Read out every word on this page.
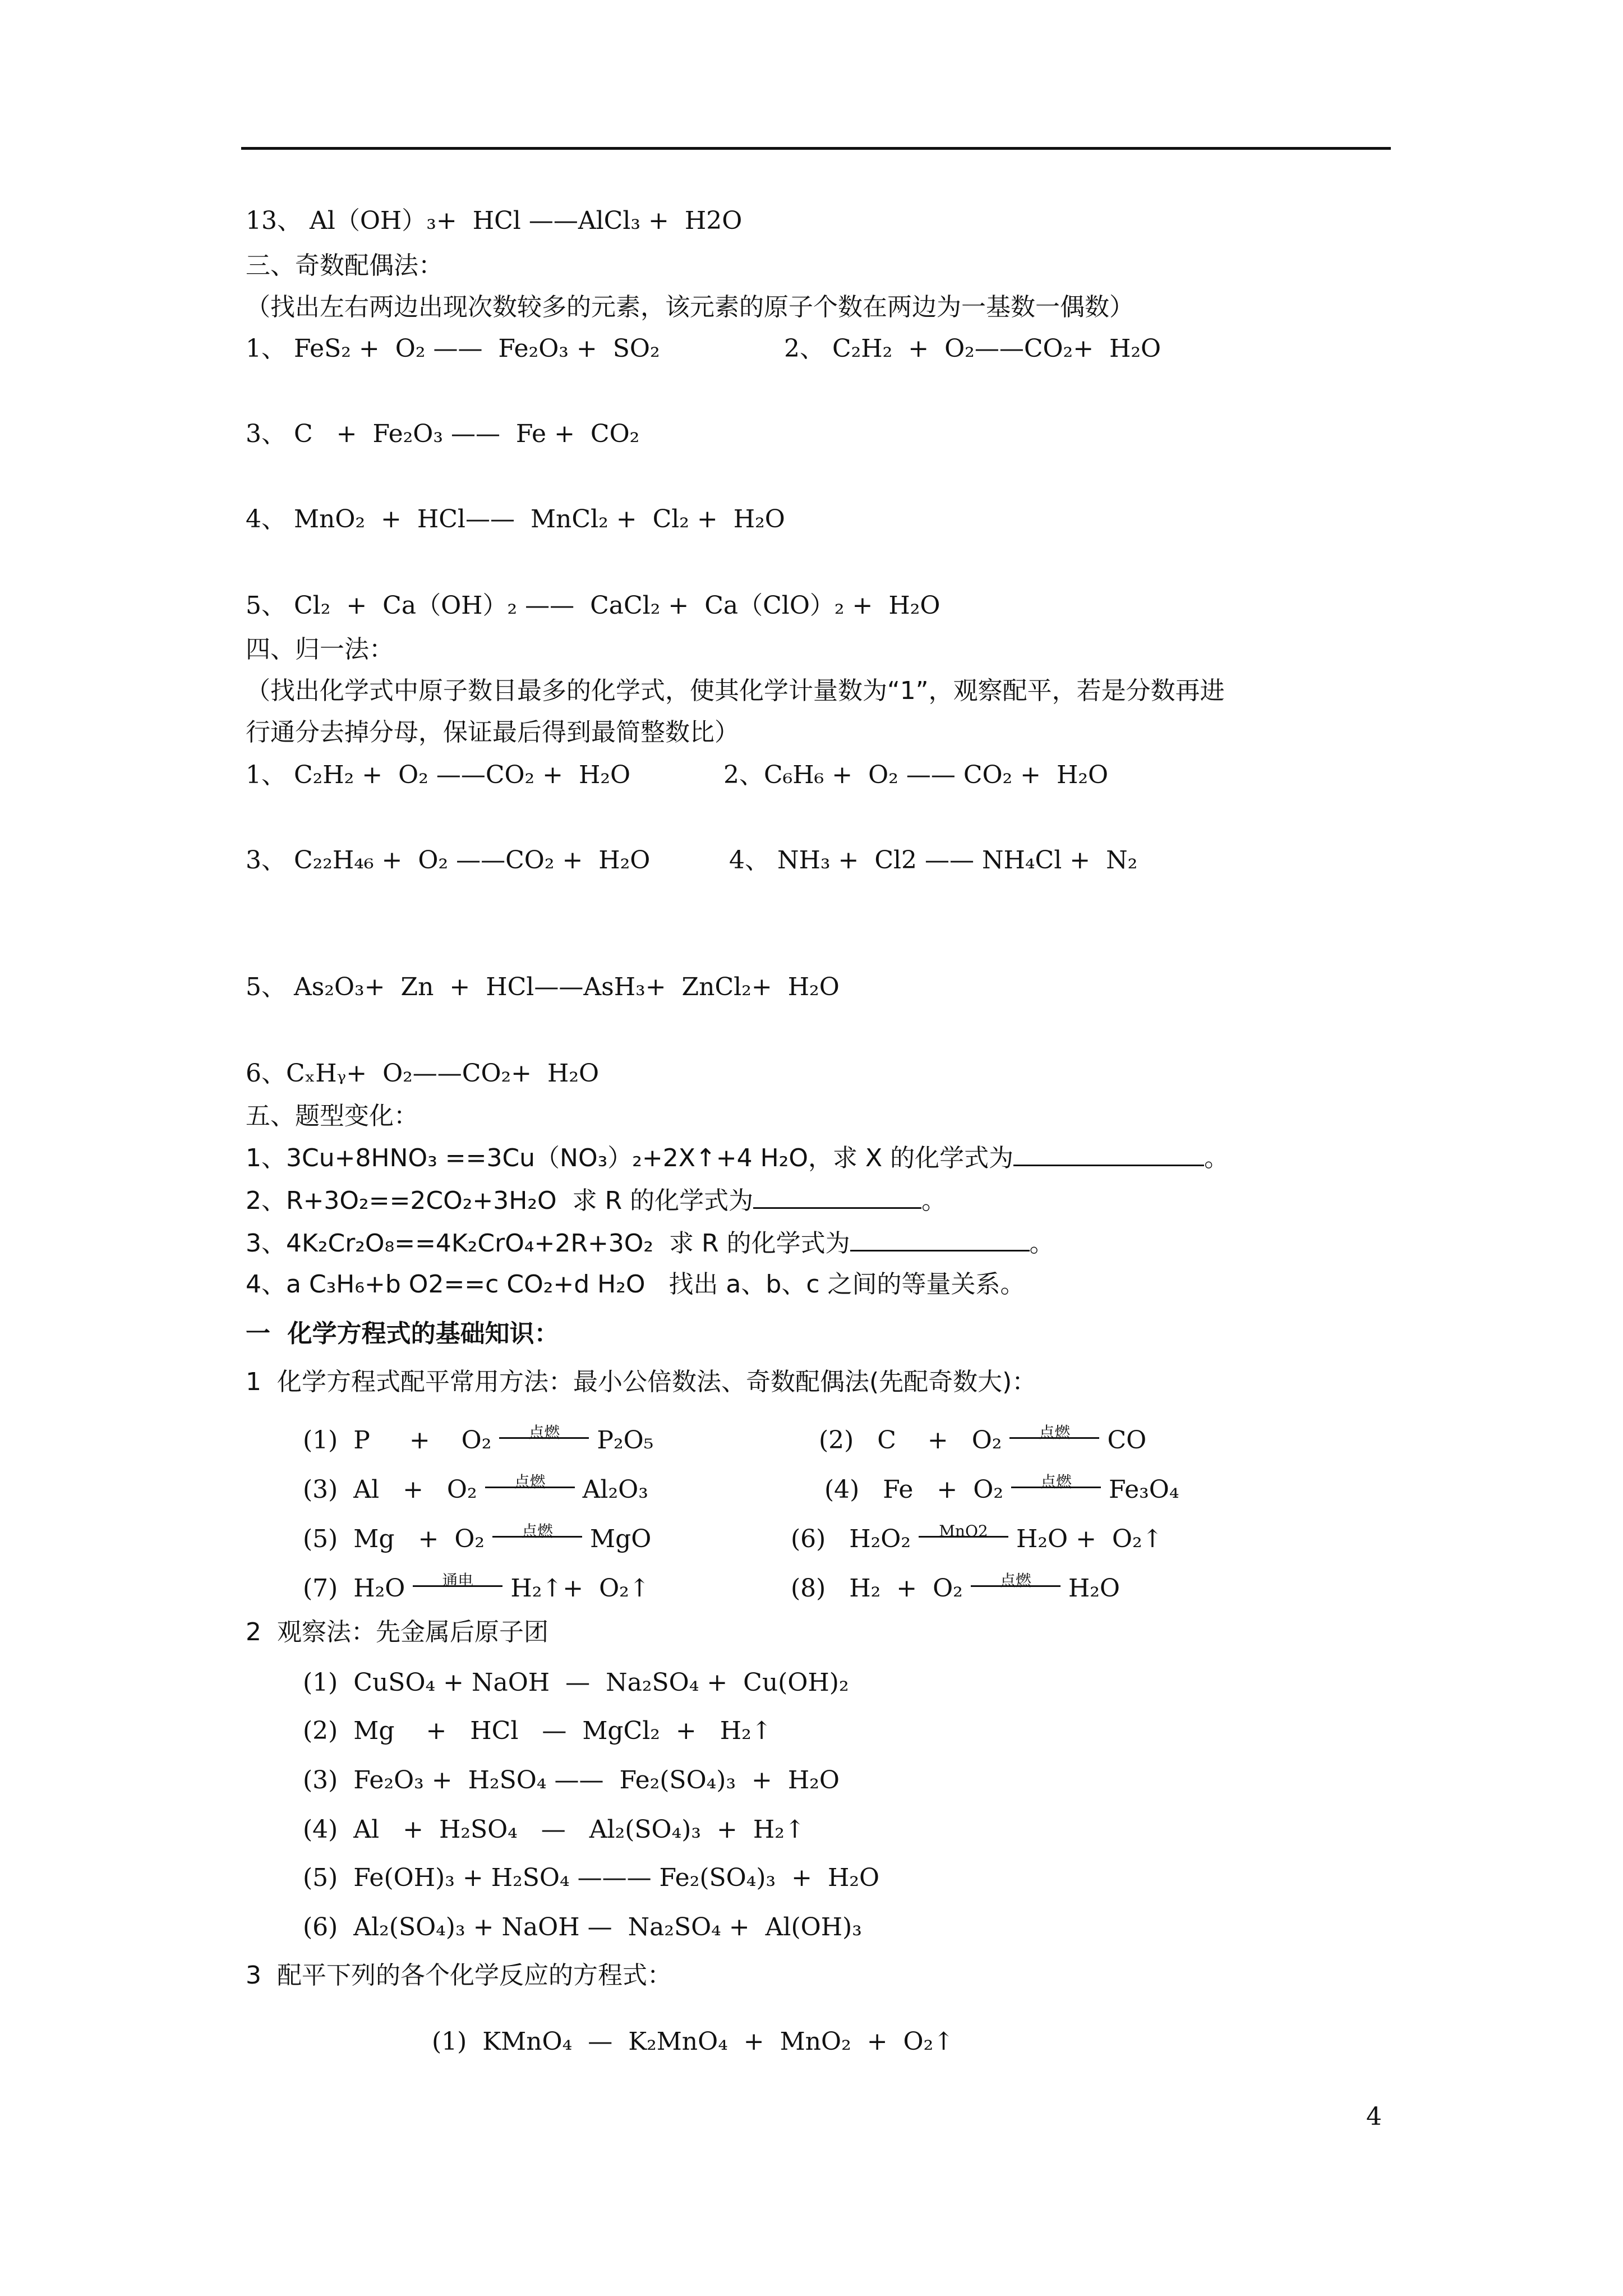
13、 Al（OH）₃+  HCl ——AlCl₃ +  H2O
三、奇数配偶法：
（找出左右两边出现次数较多的元素，该元素的原子个数在两边为一基数一偶数）
1、 FeS₂ +  O₂ ——  Fe₂O₃ +  SO₂	2、 C₂H₂  +  O₂——CO₂+  H₂O
3、 C   +  Fe₂O₃ ——  Fe +  CO₂
4、 MnO₂  +  HCl——  MnCl₂ +  Cl₂ +  H₂O
5、 Cl₂  +  Ca（OH）₂ ——  CaCl₂ +  Ca（ClO）₂ +  H₂O
四、归一法：
（找出化学式中原子数目最多的化学式，使其化学计量数为“1”，观察配平，若是分数再进
行通分去掉分母，保证最后得到最简整数比）
1、 C₂H₂ +  O₂ ——CO₂ +  H₂O	2、C₆H₆ +  O₂ —— CO₂ +  H₂O
3、 C₂₂H₄₆ +  O₂ ——CO₂ +  H₂O	4、 NH₃ +  Cl2 —— NH₄Cl +  N₂
5、 As₂O₃+  Zn  +  HCl——AsH₃+  ZnCl₂+  H₂O
6、CₓHᵧ+  O₂——CO₂+  H₂O
五、题型变化：
1、3Cu+8HNO₃ ==3Cu（NO₃）₂+2X↑+4 H₂O，求 X 的化学式为	。
2、R+3O₂==2CO₂+3H₂O  求 R 的化学式为	。
3、4K₂Cr₂O₈==4K₂CrO₄+2R+3O₂  求 R 的化学式为	。
4、a C₃H₆+b O2==c CO₂+d H₂O   找出 a、b、c 之间的等量关系。
一  化学方程式的基础知识：
1  化学方程式配平常用方法：最小公倍数法、奇数配偶法(先配奇数大)：
(1)  P     +    O₂	点燃	P₂O₅	(2)   C    +   O₂	点燃	CO
(3)  Al   +   O₂	点燃	Al₂O₃	(4)   Fe   +  O₂	点燃	Fe₃O₄
(5)  Mg   +  O₂	点燃	MgO	(6)   H₂O₂	MnO2	H₂O +  O₂↑
(7)  H₂O	通电	H₂↑+  O₂↑	(8)   H₂  +  O₂	点燃	H₂O
2  观察法：先金属后原子团
(1)  CuSO₄ + NaOH  —  Na₂SO₄ +  Cu(OH)₂
(2)  Mg    +   HCl   —  MgCl₂  +   H₂↑
(3)  Fe₂O₃ +  H₂SO₄ ——  Fe₂(SO₄)₃  +  H₂O
(4)  Al   +  H₂SO₄   —   Al₂(SO₄)₃  +  H₂↑
(5)  Fe(OH)₃ + H₂SO₄ ——— Fe₂(SO₄)₃  +  H₂O
(6)  Al₂(SO₄)₃ + NaOH —  Na₂SO₄ +  Al(OH)₃
3  配平下列的各个化学反应的方程式：
(1)  KMnO₄  —  K₂MnO₄  +  MnO₂  +  O₂↑
4
